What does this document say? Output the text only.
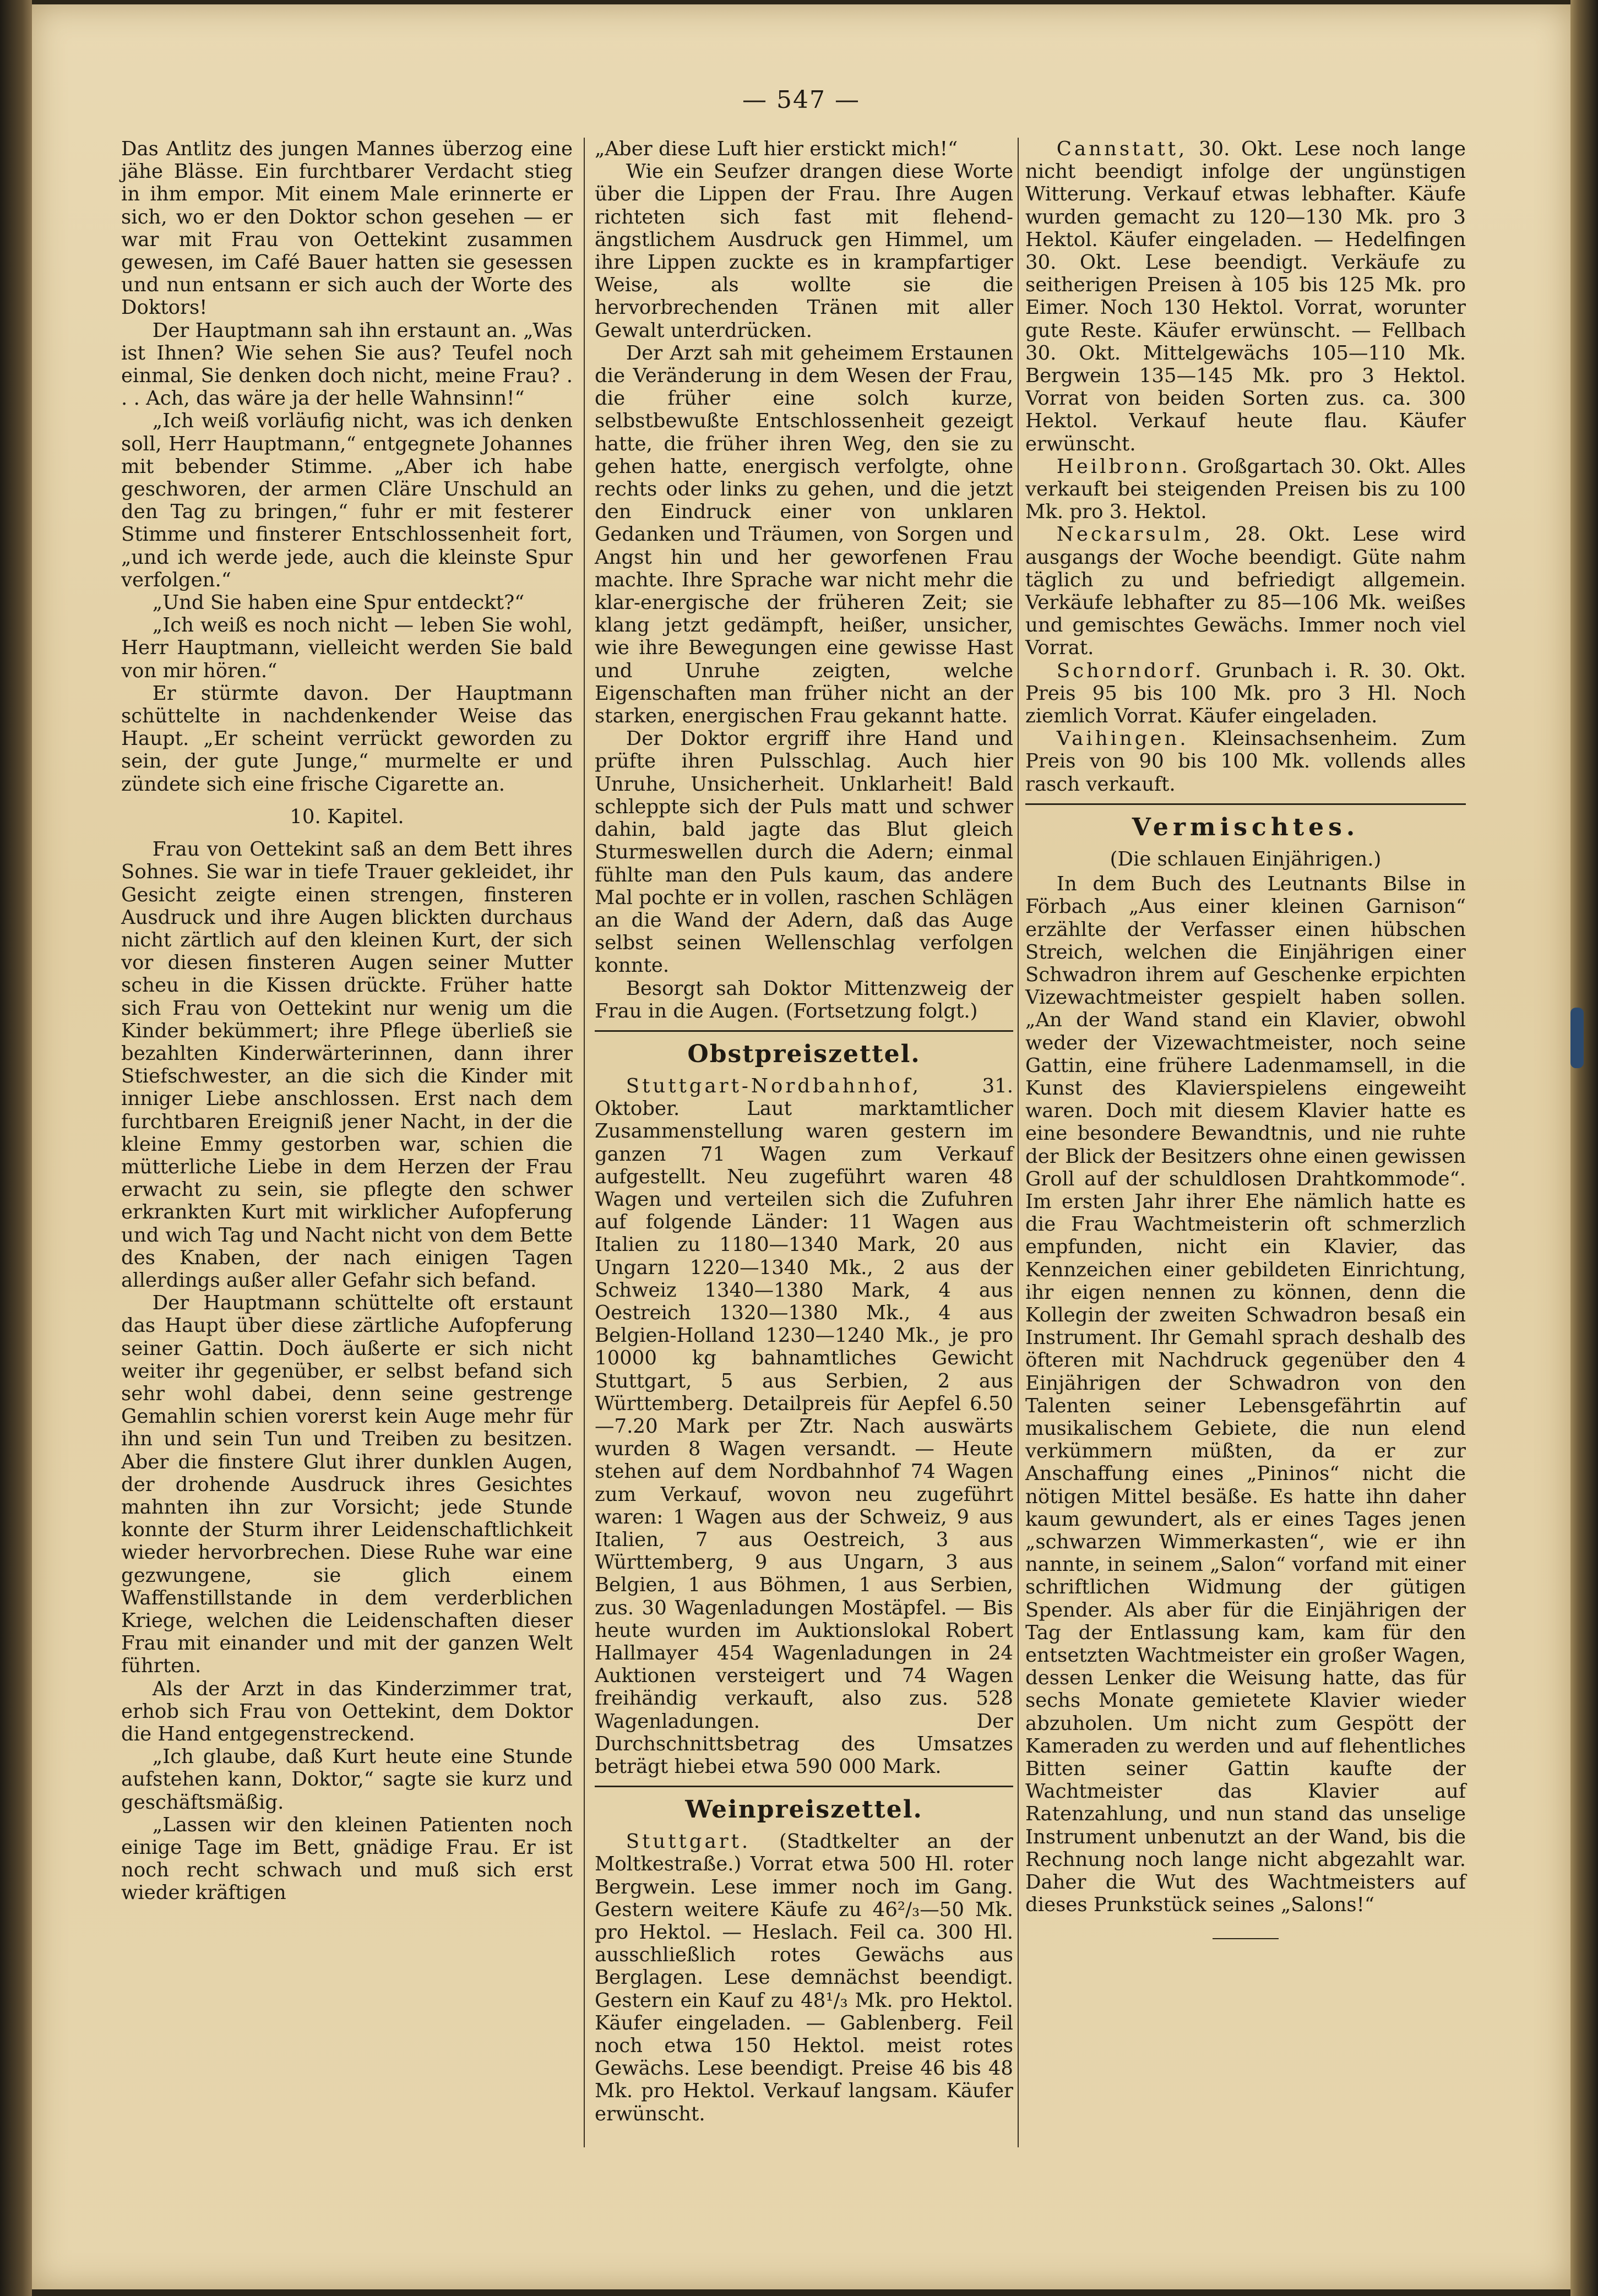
— 547 —

Das Antlitz des jungen Mannes überzog eine jähe Blässe. Ein furchtbarer Verdacht stieg in ihm empor. Mit einem Male erinnerte er sich, wo er den Doktor schon gesehen — er war mit Frau von Oettekint zusammen gewesen, im Café Bauer hatten sie gesessen und nun entsann er sich auch der Worte des Doktors!

Der Hauptmann sah ihn erstaunt an. „Was ist Ihnen? Wie sehen Sie aus? Teufel noch einmal, Sie denken doch nicht, meine Frau? . . . Ach, das wäre ja der helle Wahnsinn!“

„Ich weiß vorläufig nicht, was ich denken soll, Herr Hauptmann,“ entgegnete Johannes mit bebender Stimme. „Aber ich habe geschworen, der armen Cläre Unschuld an den Tag zu bringen,“ fuhr er mit festerer Stimme und finsterer Entschlossenheit fort, „und ich werde jede, auch die kleinste Spur verfolgen.“

„Und Sie haben eine Spur entdeckt?“

„Ich weiß es noch nicht — leben Sie wohl, Herr Hauptmann, vielleicht werden Sie bald von mir hören.“

Er stürmte davon. Der Hauptmann schüttelte in nachdenkender Weise das Haupt. „Er scheint verrückt geworden zu sein, der gute Junge,“ murmelte er und zündete sich eine frische Cigarette an.

10. Kapitel.

Frau von Oettekint saß an dem Bett ihres Sohnes. Sie war in tiefe Trauer gekleidet, ihr Gesicht zeigte einen strengen, finsteren Ausdruck und ihre Augen blickten durchaus nicht zärtlich auf den kleinen Kurt, der sich vor diesen finsteren Augen seiner Mutter scheu in die Kissen drückte. Früher hatte sich Frau von Oettekint nur wenig um die Kinder bekümmert; ihre Pflege überließ sie bezahlten Kinderwärterinnen, dann ihrer Stiefschwester, an die sich die Kinder mit inniger Liebe anschlossen. Erst nach dem furchtbaren Ereigniß jener Nacht, in der die kleine Emmy gestorben war, schien die mütterliche Liebe in dem Herzen der Frau erwacht zu sein, sie pflegte den schwer erkrankten Kurt mit wirklicher Aufopferung und wich Tag und Nacht nicht von dem Bette des Knaben, der nach einigen Tagen allerdings außer aller Gefahr sich befand.

Der Hauptmann schüttelte oft erstaunt das Haupt über diese zärtliche Aufopferung seiner Gattin. Doch äußerte er sich nicht weiter ihr gegenüber, er selbst befand sich sehr wohl dabei, denn seine gestrenge Gemahlin schien vorerst kein Auge mehr für ihn und sein Tun und Treiben zu besitzen. Aber die finstere Glut ihrer dunklen Augen, der drohende Ausdruck ihres Gesichtes mahnten ihn zur Vorsicht; jede Stunde konnte der Sturm ihrer Leidenschaftlichkeit wieder hervorbrechen. Diese Ruhe war eine gezwungene, sie glich einem Waffenstillstande in dem verderblichen Kriege, welchen die Leidenschaften dieser Frau mit einander und mit der ganzen Welt führten.

Als der Arzt in das Kinderzimmer trat, erhob sich Frau von Oettekint, dem Doktor die Hand entgegenstreckend.

„Ich glaube, daß Kurt heute eine Stunde aufstehen kann, Doktor,“ sagte sie kurz und geschäftsmäßig.

„Lassen wir den kleinen Patienten noch einige Tage im Bett, gnädige Frau. Er ist noch recht schwach und muß sich erst wieder kräftigen

„Aber diese Luft hier erstickt mich!“

Wie ein Seufzer drangen diese Worte über die Lippen der Frau. Ihre Augen richteten sich fast mit flehend-ängstlichem Ausdruck gen Himmel, um ihre Lippen zuckte es in krampfartiger Weise, als wollte sie die hervorbrechenden Tränen mit aller Gewalt unterdrücken.

Der Arzt sah mit geheimem Erstaunen die Veränderung in dem Wesen der Frau, die früher eine solch kurze, selbstbewußte Entschlossenheit gezeigt hatte, die früher ihren Weg, den sie zu gehen hatte, energisch verfolgte, ohne rechts oder links zu gehen, und die jetzt den Eindruck einer von unklaren Gedanken und Träumen, von Sorgen und Angst hin und her geworfenen Frau machte. Ihre Sprache war nicht mehr die klar-energische der früheren Zeit; sie klang jetzt gedämpft, heißer, unsicher, wie ihre Bewegungen eine gewisse Hast und Unruhe zeigten, welche Eigenschaften man früher nicht an der starken, energischen Frau gekannt hatte.

Der Doktor ergriff ihre Hand und prüfte ihren Pulsschlag. Auch hier Unruhe, Unsicherheit. Unklarheit! Bald schleppte sich der Puls matt und schwer dahin, bald jagte das Blut gleich Sturmeswellen durch die Adern; einmal fühlte man den Puls kaum, das andere Mal pochte er in vollen, raschen Schlägen an die Wand der Adern, daß das Auge selbst seinen Wellenschlag verfolgen konnte.

Besorgt sah Doktor Mittenzweig der Frau in die Augen. (Fortsetzung folgt.)

Obstpreiszettel.

Stuttgart-Nordbahnhof,	31. Oktober. Laut marktamtlicher Zusammenstellung waren gestern im ganzen 71 Wagen zum Verkauf aufgestellt. Neu zugeführt waren 48 Wagen und verteilen sich die Zufuhren auf folgende Länder: 11 Wagen aus Italien zu 1180—1340 Mark, 20 aus Ungarn 1220—1340 Mk., 2 aus der Schweiz 1340—1380 Mark, 4 aus Oestreich 1320—1380 Mk., 4 aus Belgien-Holland 1230—1240 Mk., je pro 10000 kg bahnamtliches Gewicht Stuttgart, 5 aus Serbien, 2 aus Württemberg. Detailpreis für Aepfel 6.50—7.20 Mark per Ztr. Nach auswärts wurden 8 Wagen versandt. — Heute stehen auf dem Nordbahnhof 74 Wagen zum Verkauf, wovon neu zugeführt waren: 1 Wagen aus der Schweiz, 9 aus Italien, 7 aus Oestreich, 3 aus Württemberg, 9 aus Ungarn, 3 aus Belgien, 1 aus Böhmen, 1 aus Serbien, zus. 30 Wagenladungen Mostäpfel. — Bis heute wurden im Auktionslokal Robert Hallmayer 454 Wagenladungen in 24 Auktionen versteigert und 74 Wagen freihändig verkauft, also zus. 528 Wagenladungen. Der Durchschnittsbetrag des Umsatzes beträgt hiebei etwa 590 000 Mark.

Weinpreiszettel.

Stuttgart. (Stadtkelter an der Moltkestraße.) Vorrat etwa 500 Hl. roter Bergwein. Lese immer noch im Gang. Gestern weitere Käufe zu 46²/₃—50 Mk. pro Hektol. — Heslach. Feil ca. 300 Hl. ausschließlich rotes Gewächs aus Berglagen. Lese demnächst beendigt. Gestern ein Kauf zu 48¹/₃ Mk. pro Hektol. Käufer eingeladen. — Gablenberg. Feil noch etwa 150 Hektol. meist rotes Gewächs. Lese beendigt. Preise 46 bis 48 Mk. pro Hektol. Verkauf langsam. Käufer erwünscht.

Cannstatt, 30. Okt. Lese noch lange nicht beendigt infolge der ungünstigen Witterung. Verkauf etwas lebhafter. Käufe wurden gemacht zu 120—130 Mk. pro 3 Hektol. Käufer eingeladen. — Hedelfingen 30. Okt. Lese beendigt. Verkäufe zu seitherigen Preisen à 105 bis 125 Mk. pro Eimer. Noch 130 Hektol. Vorrat, worunter gute Reste. Käufer erwünscht. — Fellbach 30. Okt. Mittelgewächs 105—110 Mk. Bergwein 135—145 Mk. pro 3 Hektol. Vorrat von beiden Sorten zus. ca. 300 Hektol. Verkauf heute flau. Käufer erwünscht.

Heilbronn. Großgartach 30. Okt. Alles verkauft bei steigenden Preisen bis zu 100 Mk. pro 3. Hektol.

Neckarsulm, 28. Okt. Lese wird ausgangs der Woche beendigt. Güte nahm täglich zu und befriedigt allgemein. Verkäufe lebhafter zu 85—106 Mk. weißes und gemischtes Gewächs. Immer noch viel Vorrat.

Schorndorf. Grunbach i. R. 30. Okt. Preis 95 bis 100 Mk. pro 3 Hl. Noch ziemlich Vorrat. Käufer eingeladen.

Vaihingen. Kleinsachsenheim. Zum Preis von 90 bis 100 Mk. vollends alles rasch verkauft.

Vermischtes.

(Die schlauen Einjährigen.)

In dem Buch des Leutnants Bilse in Förbach „Aus einer kleinen Garnison“ erzählte der Verfasser einen hübschen Streich, welchen die Einjährigen einer Schwadron ihrem auf Geschenke erpichten Vizewachtmeister gespielt haben sollen. „An der Wand stand ein Klavier, obwohl weder der Vizewachtmeister, noch seine Gattin, eine frühere Ladenmamsell, in die Kunst des Klavierspielens eingeweiht waren. Doch mit diesem Klavier hatte es eine besondere Bewandtnis, und nie ruhte der Blick der Besitzers ohne einen gewissen Groll auf der schuldlosen Drahtkommode“. Im ersten Jahr ihrer Ehe nämlich hatte es die Frau Wachtmeisterin oft schmerzlich empfunden, nicht ein Klavier, das Kennzeichen einer gebildeten Einrichtung, ihr eigen nennen zu können, denn die Kollegin der zweiten Schwadron besaß ein Instrument. Ihr Gemahl sprach deshalb des öfteren mit Nachdruck gegenüber den 4 Einjährigen der Schwadron von den Talenten seiner Lebensgefährtin auf musikalischem Gebiete, die nun elend verkümmern müßten, da er zur Anschaffung eines „Pininos“ nicht die nötigen Mittel besäße. Es hatte ihn daher kaum gewundert, als er eines Tages jenen „schwarzen Wimmerkasten“, wie er ihn nannte, in seinem „Salon“ vorfand mit einer schriftlichen Widmung der gütigen Spender. Als aber für die Einjährigen der Tag der Entlassung kam, kam für den entsetzten Wachtmeister ein großer Wagen, dessen Lenker die Weisung hatte, das für sechs Monate gemietete Klavier wieder abzuholen. Um nicht zum Gespött der Kameraden zu werden und auf flehentliches Bitten seiner Gattin kaufte der Wachtmeister das Klavier auf Ratenzahlung, und nun stand das unselige Instrument unbenutzt an der Wand, bis die Rechnung noch lange nicht abgezahlt war. Daher die Wut des Wachtmeisters auf dieses Prunkstück seines „Salons!“
